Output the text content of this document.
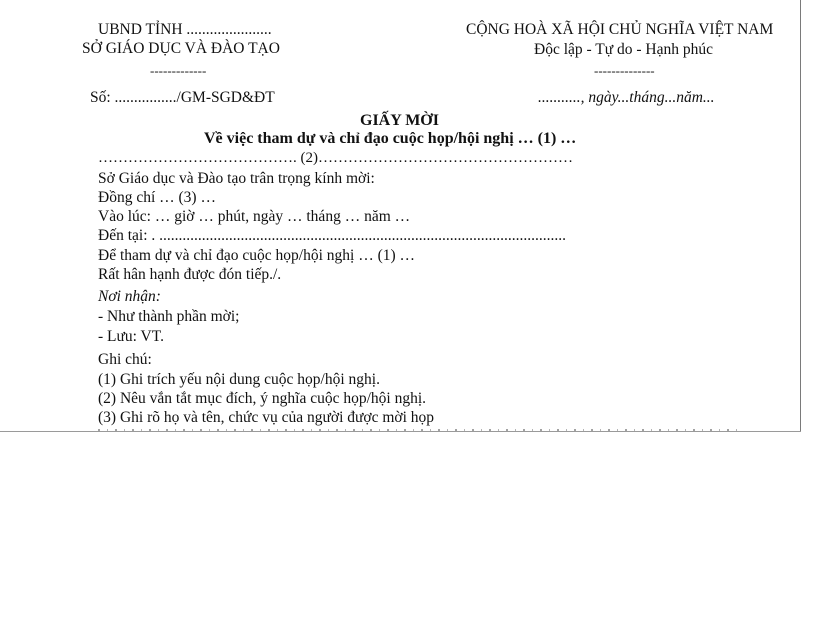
UBND TỈNH ......................
SỞ GIÁO DỤC VÀ ĐÀO TẠO
-------------
CỘNG HOÀ XÃ HỘI CHỦ NGHĨA VIỆT NAM
Độc lập - Tự do - Hạnh phúc
--------------
Số: ................/GM-SGD&ĐT	..........., ngày...tháng...năm...
GIẤY MỜI
Về việc tham dự và chỉ đạo cuộc họp/hội nghị … (1) …
…………………………………. (2)……………………………………………
Sở Giáo dục và Đào tạo trân trọng kính mời:
Đồng chí … (3) …
Vào lúc: … giờ … phút, ngày … tháng … năm …
Đến tại: . .........................................................................................................
Để tham dự và chỉ đạo cuộc họp/hội nghị … (1) …
Rất hân hạnh được đón tiếp./.
Nơi nhận:
- Như thành phần mời;
- Lưu: VT.
Ghi chú:
(1) Ghi trích yếu nội dung cuộc họp/hội nghị.
(2) Nêu vắn tắt mục đích, ý nghĩa cuộc họp/hội nghị.
(3) Ghi rõ họ và tên, chức vụ của người được mời họp
